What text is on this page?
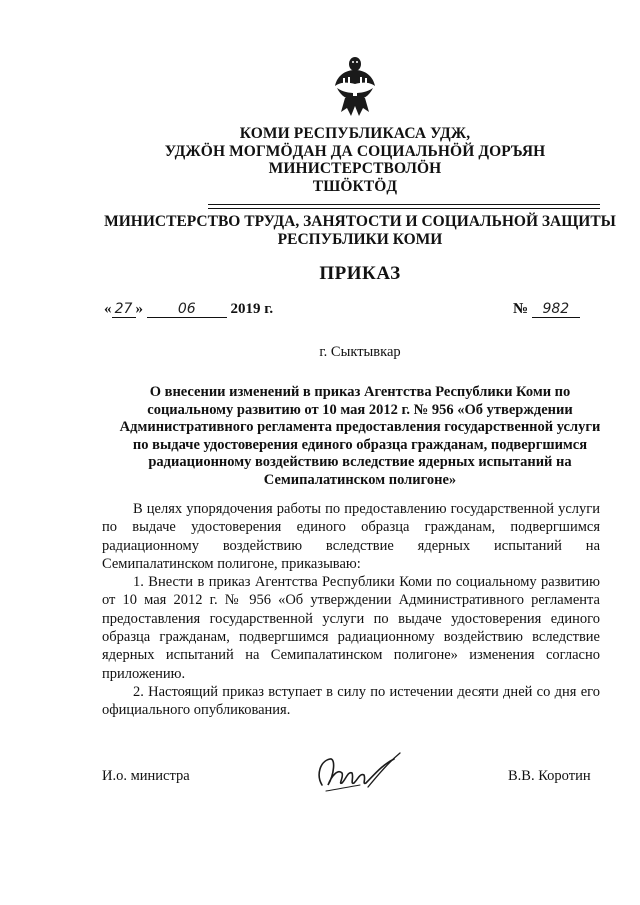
КОМИ РЕСПУБЛИКАСА УДЖ,
УДЖӦН МОГМӦДАН ДА СОЦИАЛЬНӦЙ ДОРЪЯН
МИНИСТЕРСТВОЛӦН
ТШӦКТӦД
МИНИСТЕРСТВО ТРУДА, ЗАНЯТОСТИ И СОЦИАЛЬНОЙ ЗАЩИТЫ
РЕСПУБЛИКИ КОМИ
ПРИКАЗ
« 27 » 06 2019 г.	№ 982
г. Сыктывкар
О внесении изменений в приказ Агентства Республики Коми по
социальному развитию от 10 мая 2012 г. № 956 «Об утверждении
Административного регламента предоставления государственной услуги
по выдаче удостоверения единого образца гражданам, подвергшимся
радиационному воздействию вследствие ядерных испытаний на
Семипалатинском полигоне»

В целях упорядочения работы по предоставлению государственной услуги по выдаче удостоверения единого образца гражданам, подвергшимся радиационному воздействию вследствие ядерных испытаний на Семипалатинском полигоне, приказываю:

1. Внести в приказ Агентства Республики Коми по социальному развитию от 10 мая 2012 г. № 956 «Об утверждении Административного регламента предоставления государственной услуги по выдаче удостоверения единого образца гражданам, подвергшимся радиационному воздействию вследствие ядерных испытаний на Семипалатинском полигоне» изменения согласно приложению.

2. Настоящий приказ вступает в силу по истечении десяти дней со дня его официального опубликования.

И.о. министра	В.В. Коротин
